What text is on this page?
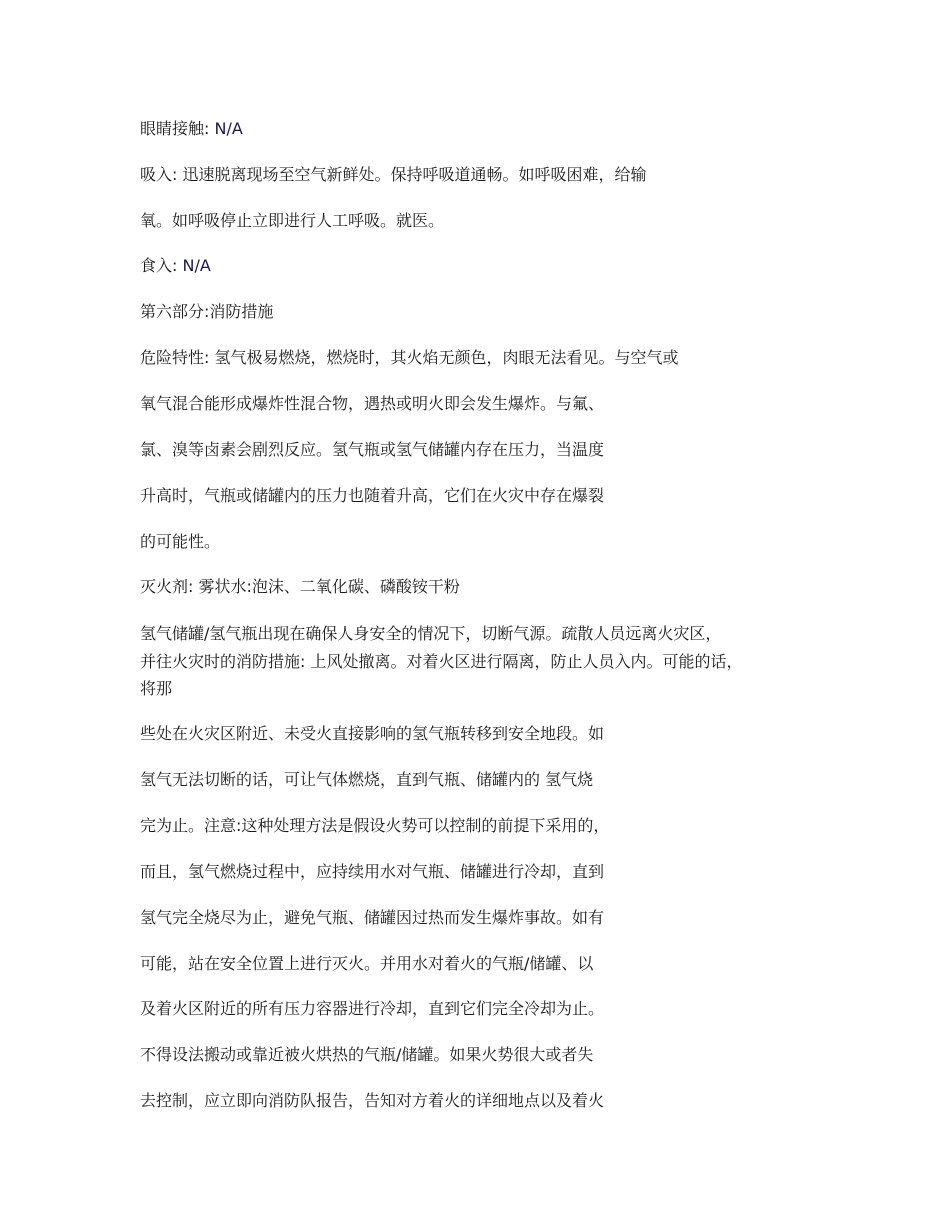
眼睛接触: N/A

吸入: 迅速脱离现场至空气新鲜处。保持呼吸道通畅。如呼吸困难，给输

氧。如呼吸停止立即进行人工呼吸。就医。

食入: N/A

第六部分:消防措施

危险特性: 氢气极易燃烧，燃烧时，其火焰无颜色，肉眼无法看见。与空气或

氧气混合能形成爆炸性混合物，遇热或明火即会发生爆炸。与氟、

氯、溴等卤素会剧烈反应。氢气瓶或氢气储罐内存在压力，当温度

升高时，气瓶或储罐内的压力也随着升高，它们在火灾中存在爆裂

的可能性。

灭火剂: 雾状水:泡沫、二氧化碳、磷酸铵干粉

氢气储罐/氢气瓶出现在确保人身安全的情况下，切断气源。疏散人员远离火灾区，

并往火灾时的消防措施: 上风处撤离。对着火区进行隔离，防止人员入内。可能的话，

将那

些处在火灾区附近、未受火直接影响的氢气瓶转移到安全地段。如

氢气无法切断的话，可让气体燃烧，直到气瓶、储罐内的 氢气烧

完为止。注意:这种处理方法是假设火势可以控制的前提下采用的，

而且，氢气燃烧过程中，应持续用水对气瓶、储罐进行冷却，直到

氢气完全烧尽为止，避免气瓶、储罐因过热而发生爆炸事故。如有

可能，站在安全位置上进行灭火。并用水对着火的气瓶/储罐、以

及着火区附近的所有压力容器进行冷却，直到它们完全冷却为止。

不得设法搬动或靠近被火烘热的气瓶/储罐。如果火势很大或者失

去控制，应立即向消防队报告，告知对方着火的详细地点以及着火
